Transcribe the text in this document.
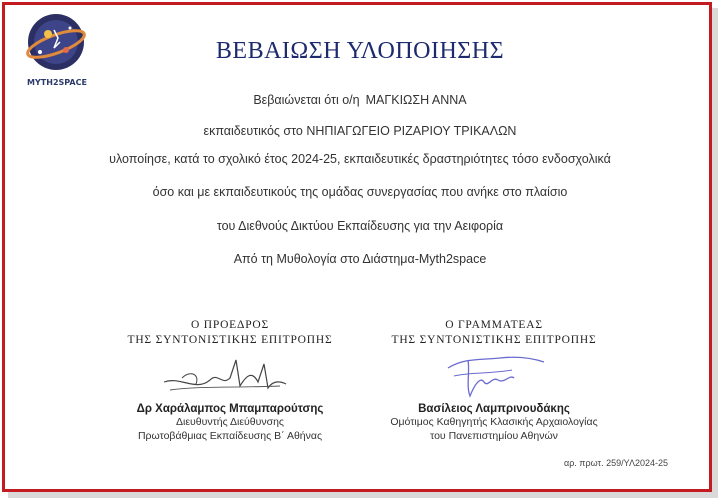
MYTH2SPACE
ΒΕΒΑΙΩΣΗ ΥΛΟΠΟΙΗΣΗΣ
Βεβαιώνεται ότι ο/η ΜΑΓΚΙΩΣΗ ΑΝΝΑ
εκπαιδευτικός στο ΝΗΠΙΑΓΩΓΕΙΟ ΡΙΖΑΡΙΟΥ ΤΡΙΚΑΛΩΝ
υλοποίησε, κατά το σχολικό έτος 2024-25, εκπαιδευτικές δραστηριότητες τόσο ενδοσχολικά
όσο και με εκπαιδευτικούς της ομάδας συνεργασίας που ανήκε στο πλαίσιο
του Διεθνούς Δικτύου Εκπαίδευσης για την Αειφορία
Από τη Μυθολογία στο Διάστημα-Myth2space
Ο ΠΡΟΕΔΡΟΣ
ΤΗΣ ΣΥΝΤΟΝΙΣΤΙΚΗΣ ΕΠΙΤΡΟΠΗΣ
Δρ Χαράλαμπος Μπαμπαρούτσης
Διευθυντής Διεύθυνσης
Πρωτοβάθμιας Εκπαίδευσης Β΄ Αθήνας
Ο ΓΡΑΜΜΑΤΕΑΣ
ΤΗΣ ΣΥΝΤΟΝΙΣΤΙΚΗΣ ΕΠΙΤΡΟΠΗΣ
Βασίλειος Λαμπρινουδάκης
Ομότιμος Καθηγητής Κλασικής Αρχαιολογίας
του Πανεπιστημίου Αθηνών
αρ. πρωτ. 259/ΥΛ2024-25
